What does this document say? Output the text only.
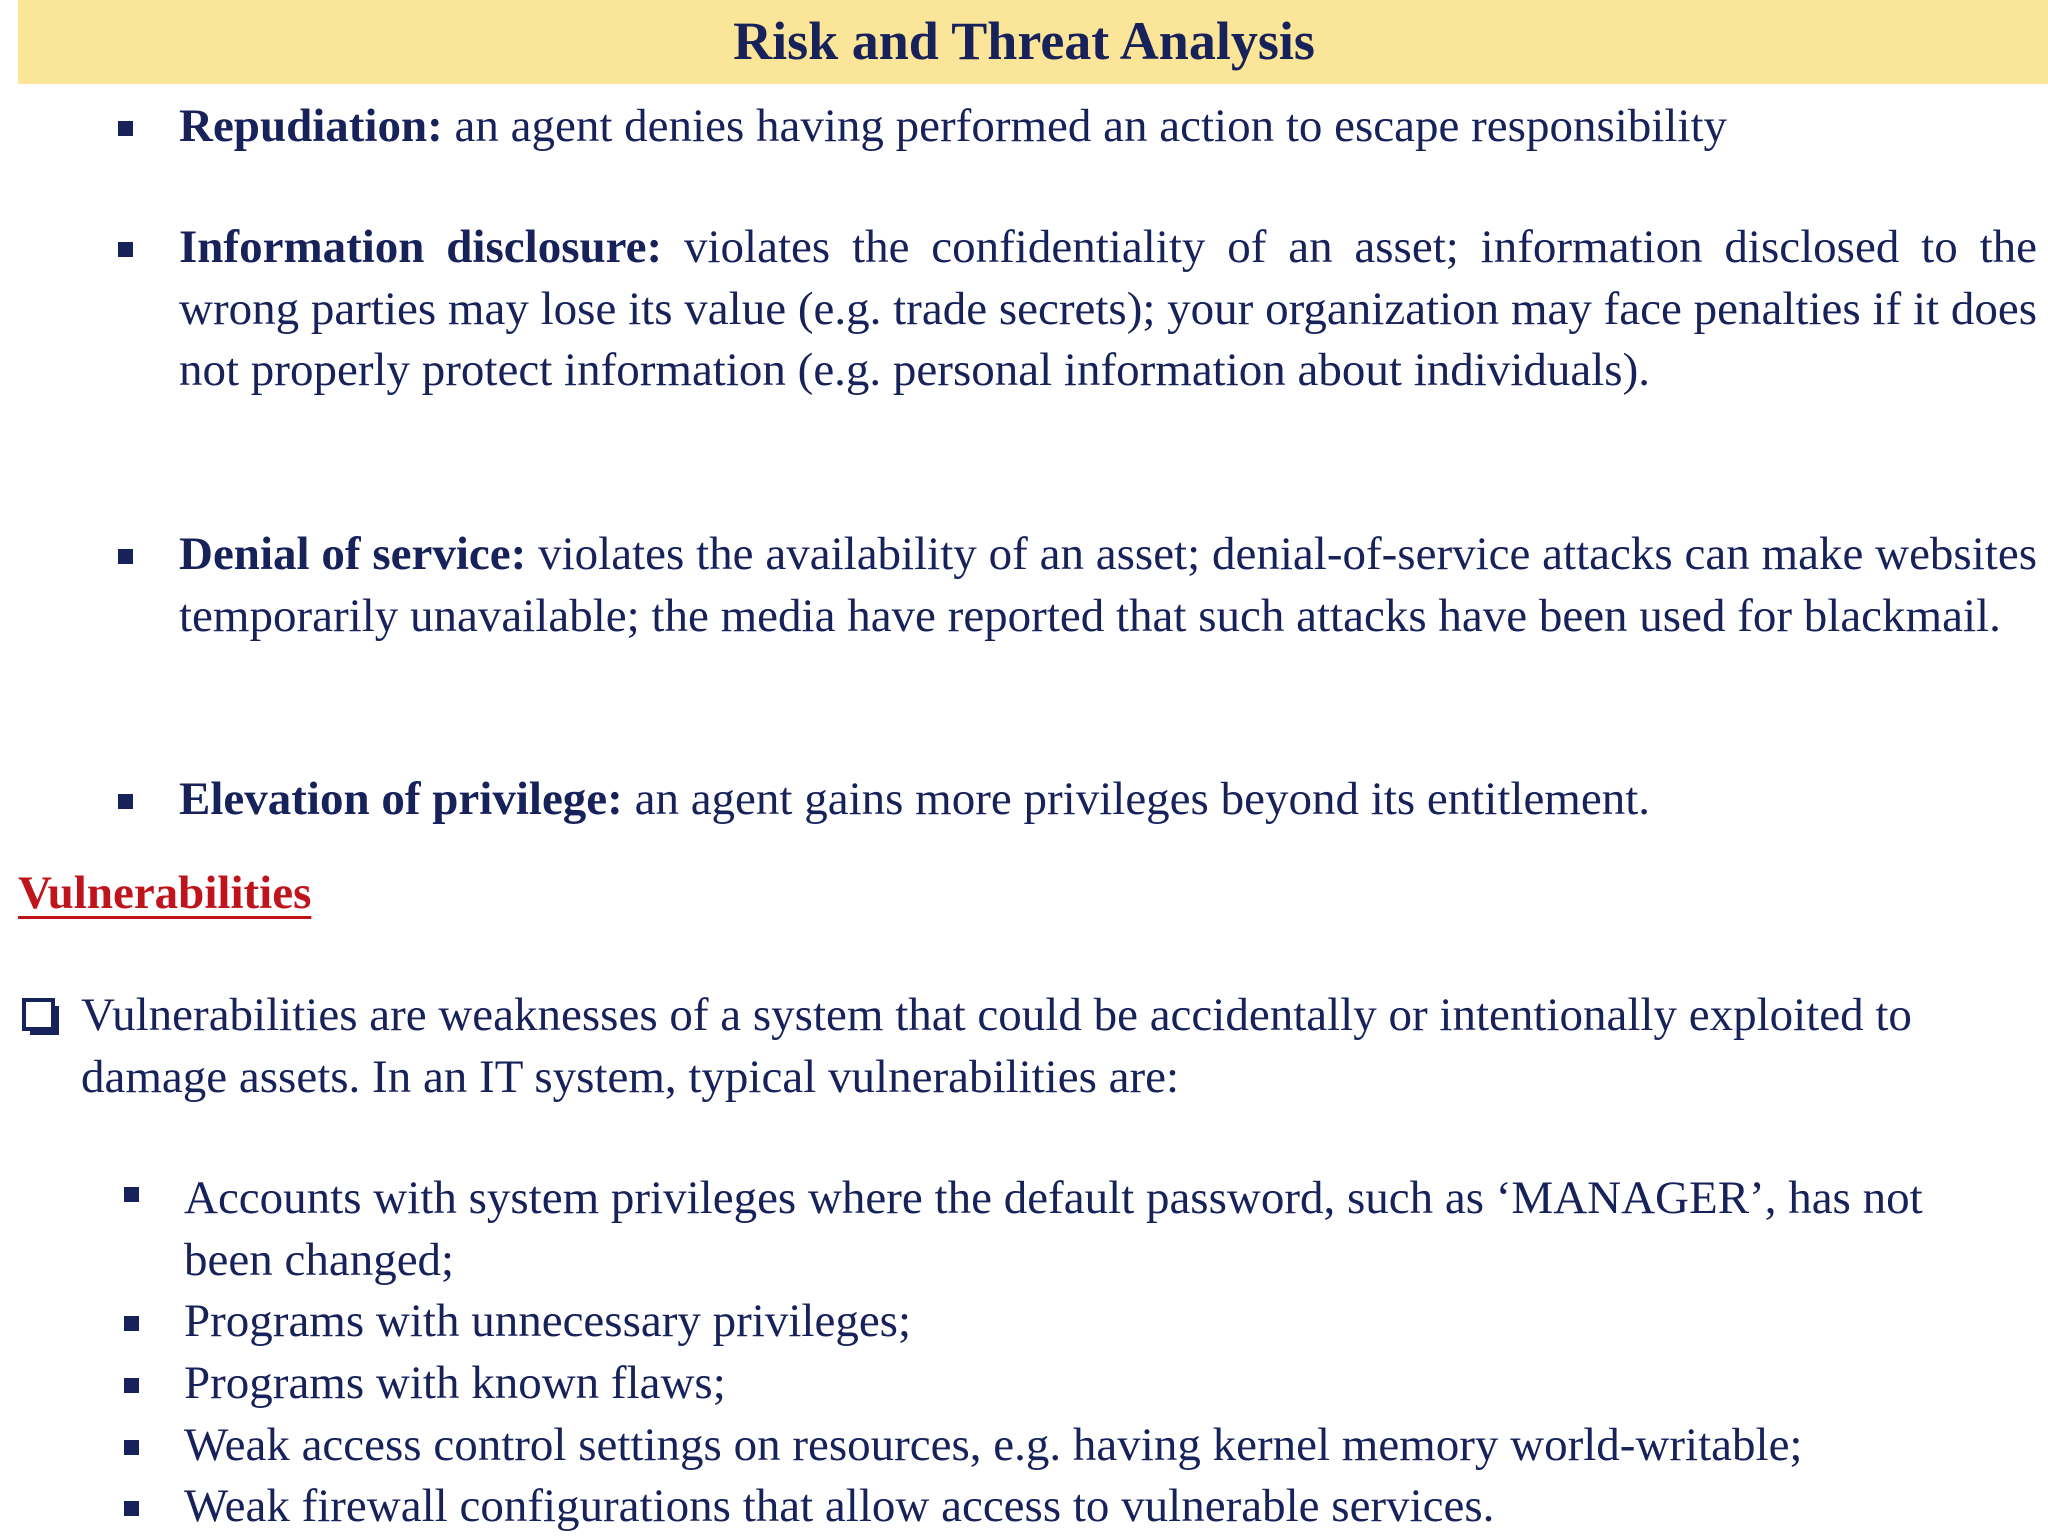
Risk and Threat Analysis
Repudiation: an agent denies having performed an action to escape responsibility
Information disclosure: violates the confidentiality of an asset; information disclosed to the wrong parties may lose its value (e.g. trade secrets); your organization may face penalties if it does not properly protect information (e.g. personal information about individuals).
Denial of service: violates the availability of an asset; denial-of-service attacks can make websites temporarily unavailable; the media have reported that such attacks have been used for blackmail.
Elevation of privilege: an agent gains more privileges beyond its entitlement.
Vulnerabilities
Vulnerabilities are weaknesses of a system that could be accidentally or intentionally exploited to damage assets. In an IT system, typical vulnerabilities are:
Accounts with system privileges where the default password, such as ‘MANAGER’, has not been changed;
Programs with unnecessary privileges;
Programs with known flaws;
Weak access control settings on resources, e.g. having kernel memory world-writable;
Weak firewall configurations that allow access to vulnerable services.
